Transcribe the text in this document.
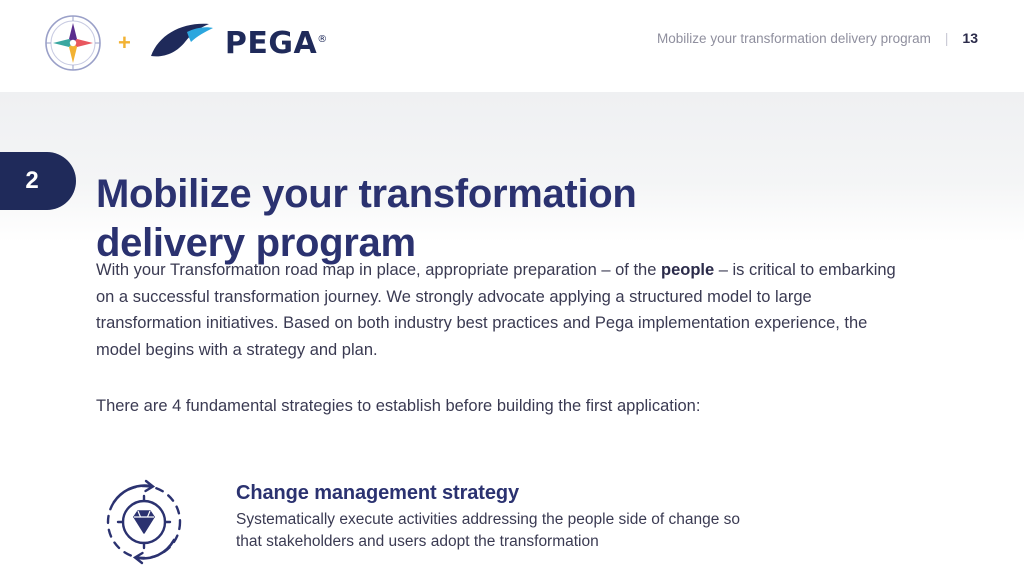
+	PEGA®	Mobilize your transformation delivery program | 13
2	Mobilize your transformation delivery program

With your Transformation road map in place, appropriate preparation – of the people – is critical to embarking on a successful transformation journey. We strongly advocate applying a structured model to large transformation initiatives. Based on both industry best practices and Pega implementation experience, the model begins with a strategy and plan.

There are 4 fundamental strategies to establish before building the first application:

Change management strategy

Systematically execute activities addressing the people side of change so that stakeholders and users adopt the transformation
